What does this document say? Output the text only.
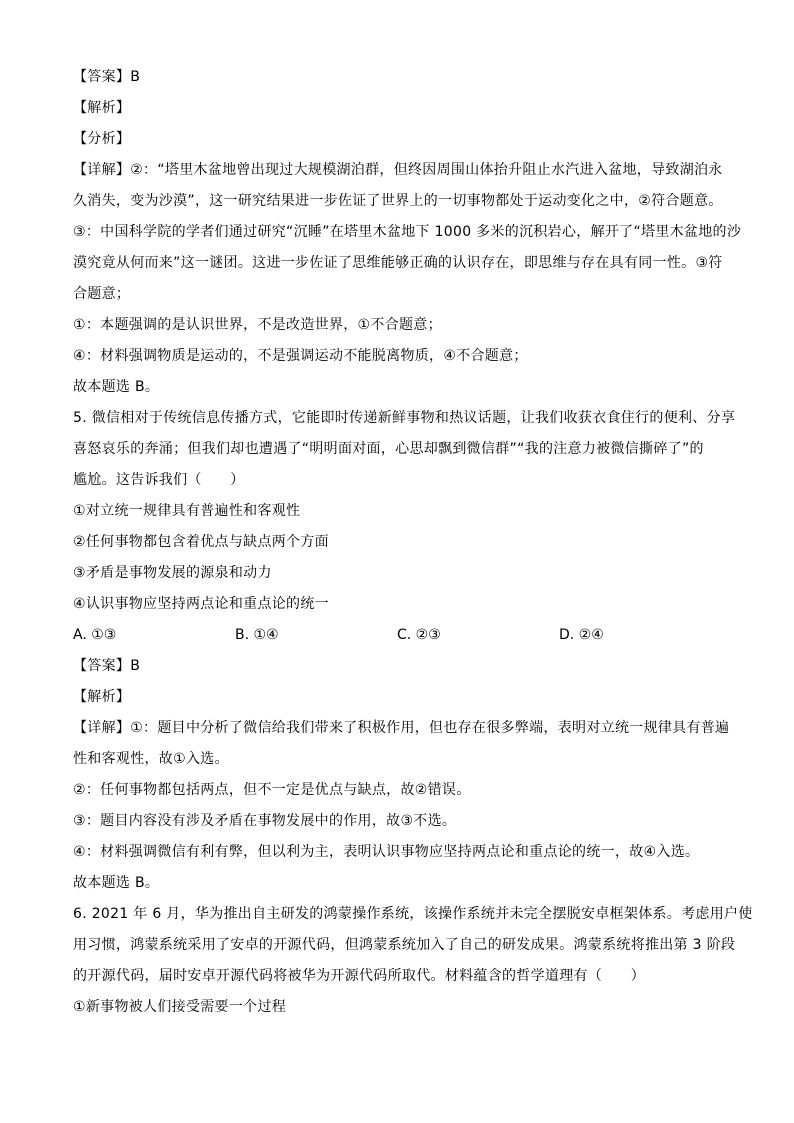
【答案】B
【解析】
【分析】
【详解】②：“塔里木盆地曾出现过大规模湖泊群，但终因周围山体抬升阻止水汽进入盆地，导致湖泊永
久消失，变为沙漠”，这一研究结果进一步佐证了世界上的一切事物都处于运动变化之中，②符合题意。
③：中国科学院的学者们通过研究“沉睡”在塔里木盆地下 1000 多米的沉积岩心，解开了“塔里木盆地的沙
漠究竟从何而来”这一谜团。这进一步佐证了思维能够正确的认识存在，即思维与存在具有同一性。③符
合题意；
①：本题强调的是认识世界，不是改造世界，①不合题意；
④：材料强调物质是运动的，不是强调运动不能脱离物质，④不合题意；
故本题选 B。
5. 微信相对于传统信息传播方式，它能即时传递新鲜事物和热议话题，让我们收获衣食住行的便利、分享
喜怒哀乐的奔涌；但我们却也遭遇了“明明面对面，心思却飘到微信群”“我的注意力被微信撕碎了”的
尴尬。这告诉我们（　　）
①对立统一规律具有普遍性和客观性
②任何事物都包含着优点与缺点两个方面
③矛盾是事物发展的源泉和动力
④认识事物应坚持两点论和重点论的统一
A. ①③	B. ①④	C. ②③	D. ②④
【答案】B
【解析】
【详解】①：题目中分析了微信给我们带来了积极作用，但也存在很多弊端，表明对立统一规律具有普遍
性和客观性，故①入选。
②：任何事物都包括两点，但不一定是优点与缺点，故②错误。
③：题目内容没有涉及矛盾在事物发展中的作用，故③不选。
④：材料强调微信有利有弊，但以利为主，表明认识事物应坚持两点论和重点论的统一，故④入选。
故本题选 B。
6. 2021 年 6 月，华为推出自主研发的鸿蒙操作系统，该操作系统并未完全摆脱安卓框架体系。考虑用户使
用习惯，鸿蒙系统采用了安卓的开源代码，但鸿蒙系统加入了自己的研发成果。鸿蒙系统将推出第 3 阶段
的开源代码，届时安卓开源代码将被华为开源代码所取代。材料蕴含的哲学道理有（　　）
①新事物被人们接受需要一个过程
